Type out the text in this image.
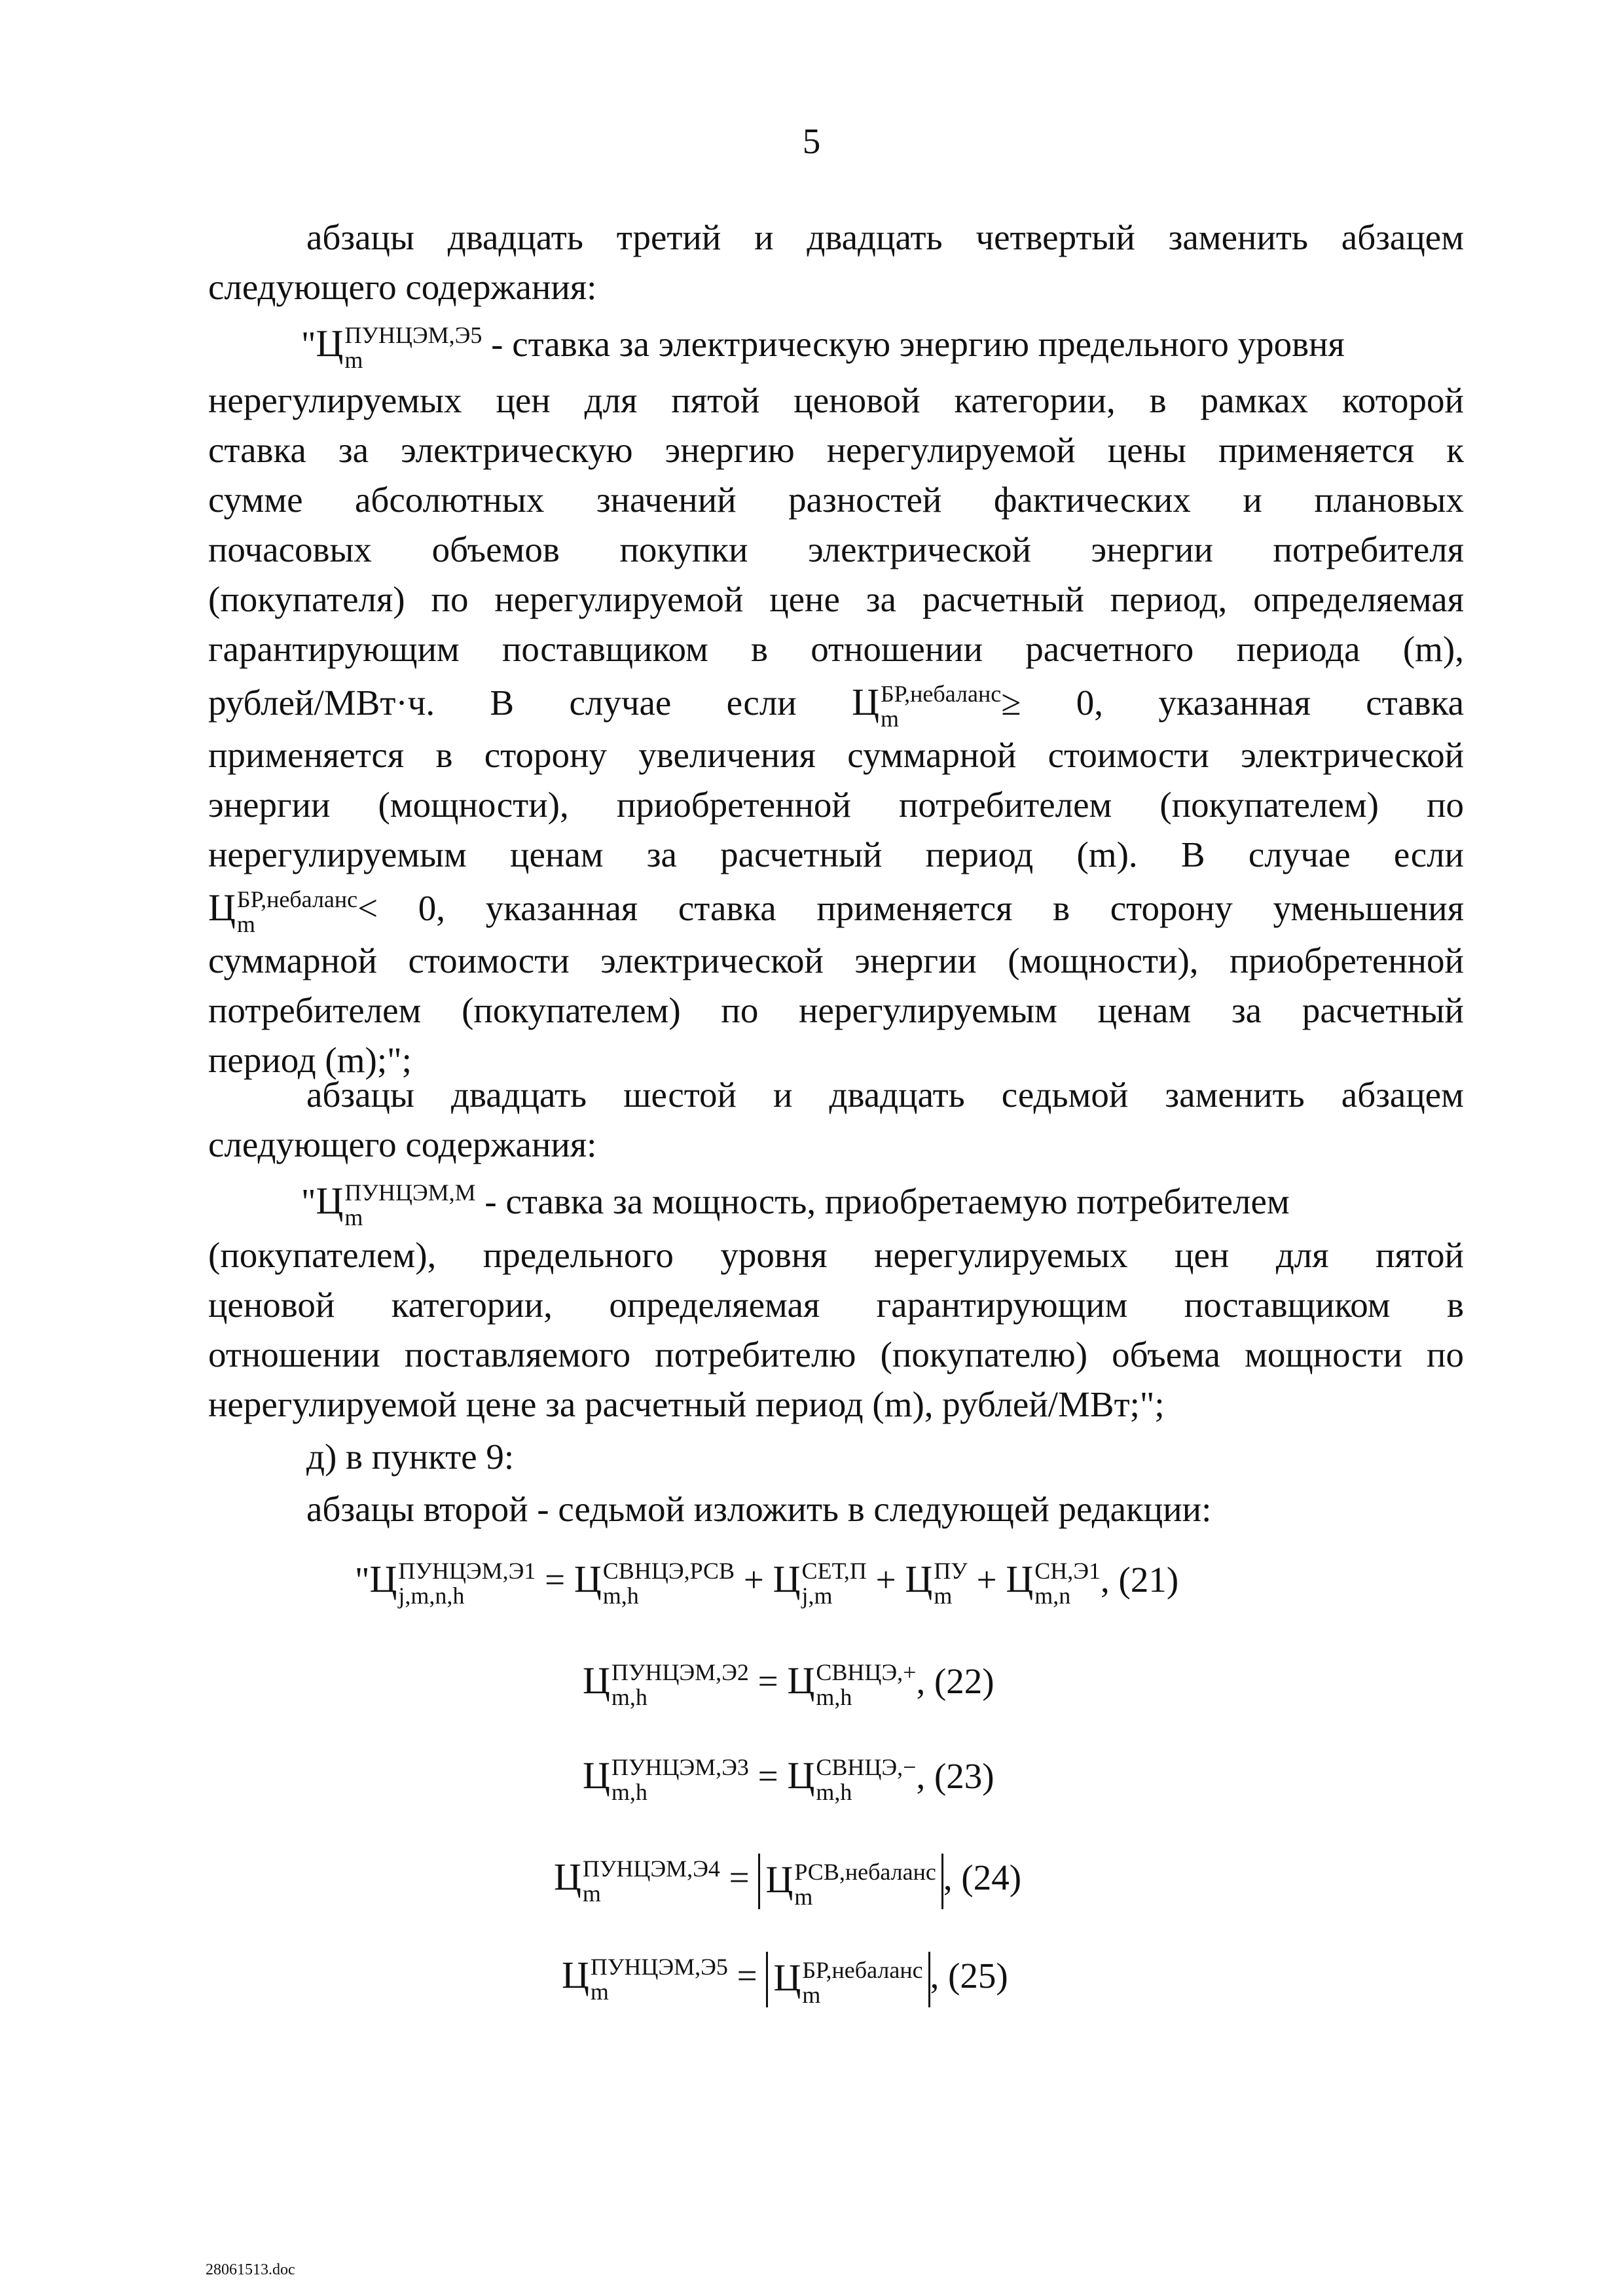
5
абзацы двадцать третий и двадцать четвертый заменить абзацем
следующего содержания:
"Ц ПУНЦЭМ,Э5
m	- ставка за электрическую энергию предельного уровня
нерегулируемых цен для пятой ценовой категории, в рамках которой
ставка за электрическую энергию нерегулируемой цены применяется к
сумме абсолютных значений разностей фактических и плановых
почасовых объемов покупки электрической энергии потребителя
(покупателя) по нерегулируемой цене за расчетный период, определяемая
гарантирующим поставщиком в отношении расчетного периода (m),
рублей/МВт·ч. В случае если Ц БР,небаланс
m	≥ 0, указанная ставка
применяется в сторону увеличения суммарной стоимости электрической
энергии (мощности), приобретенной потребителем (покупателем) по
нерегулируемым ценам за расчетный период (m). В случае если
Ц БР,небаланс
m	< 0, указанная ставка применяется в сторону уменьшения
суммарной стоимости электрической энергии (мощности), приобретенной
потребителем (покупателем) по нерегулируемым ценам за расчетный
период (m);";
абзацы двадцать шестой и двадцать седьмой заменить абзацем
следующего содержания:
"Ц ПУНЦЭМ,М
m	- ставка за мощность, приобретаемую потребителем
(покупателем), предельного уровня нерегулируемых цен для пятой
ценовой категории, определяемая гарантирующим поставщиком в
отношении поставляемого потребителю (покупателю) объема мощности по
нерегулируемой цене за расчетный период (m), рублей/МВт;";
д) в пункте 9:
абзацы второй - седьмой изложить в следующей редакции:
"Ц ПУНЦЭМ,Э1
j,m,n,h	= Ц СВНЦЭ,РСВ
m,h	+ Ц СЕТ,П
j,m	+ Ц ПУ
m + Ц СН,Э1
m,n , (21)
Ц ПУНЦЭМ,Э2
m,h	= Ц СВНЦЭ,+
m,h	, (22)
Ц ПУНЦЭМ,Э3
m,h	= Ц СВНЦЭ,−
m,h	, (23)
Ц ПУНЦЭМ,Э4
m	= Ц РСВ,небаланс
m	, (24)
Ц ПУНЦЭМ,Э5
m	= Ц БР,небаланс
m	, (25)
28061513.doc
